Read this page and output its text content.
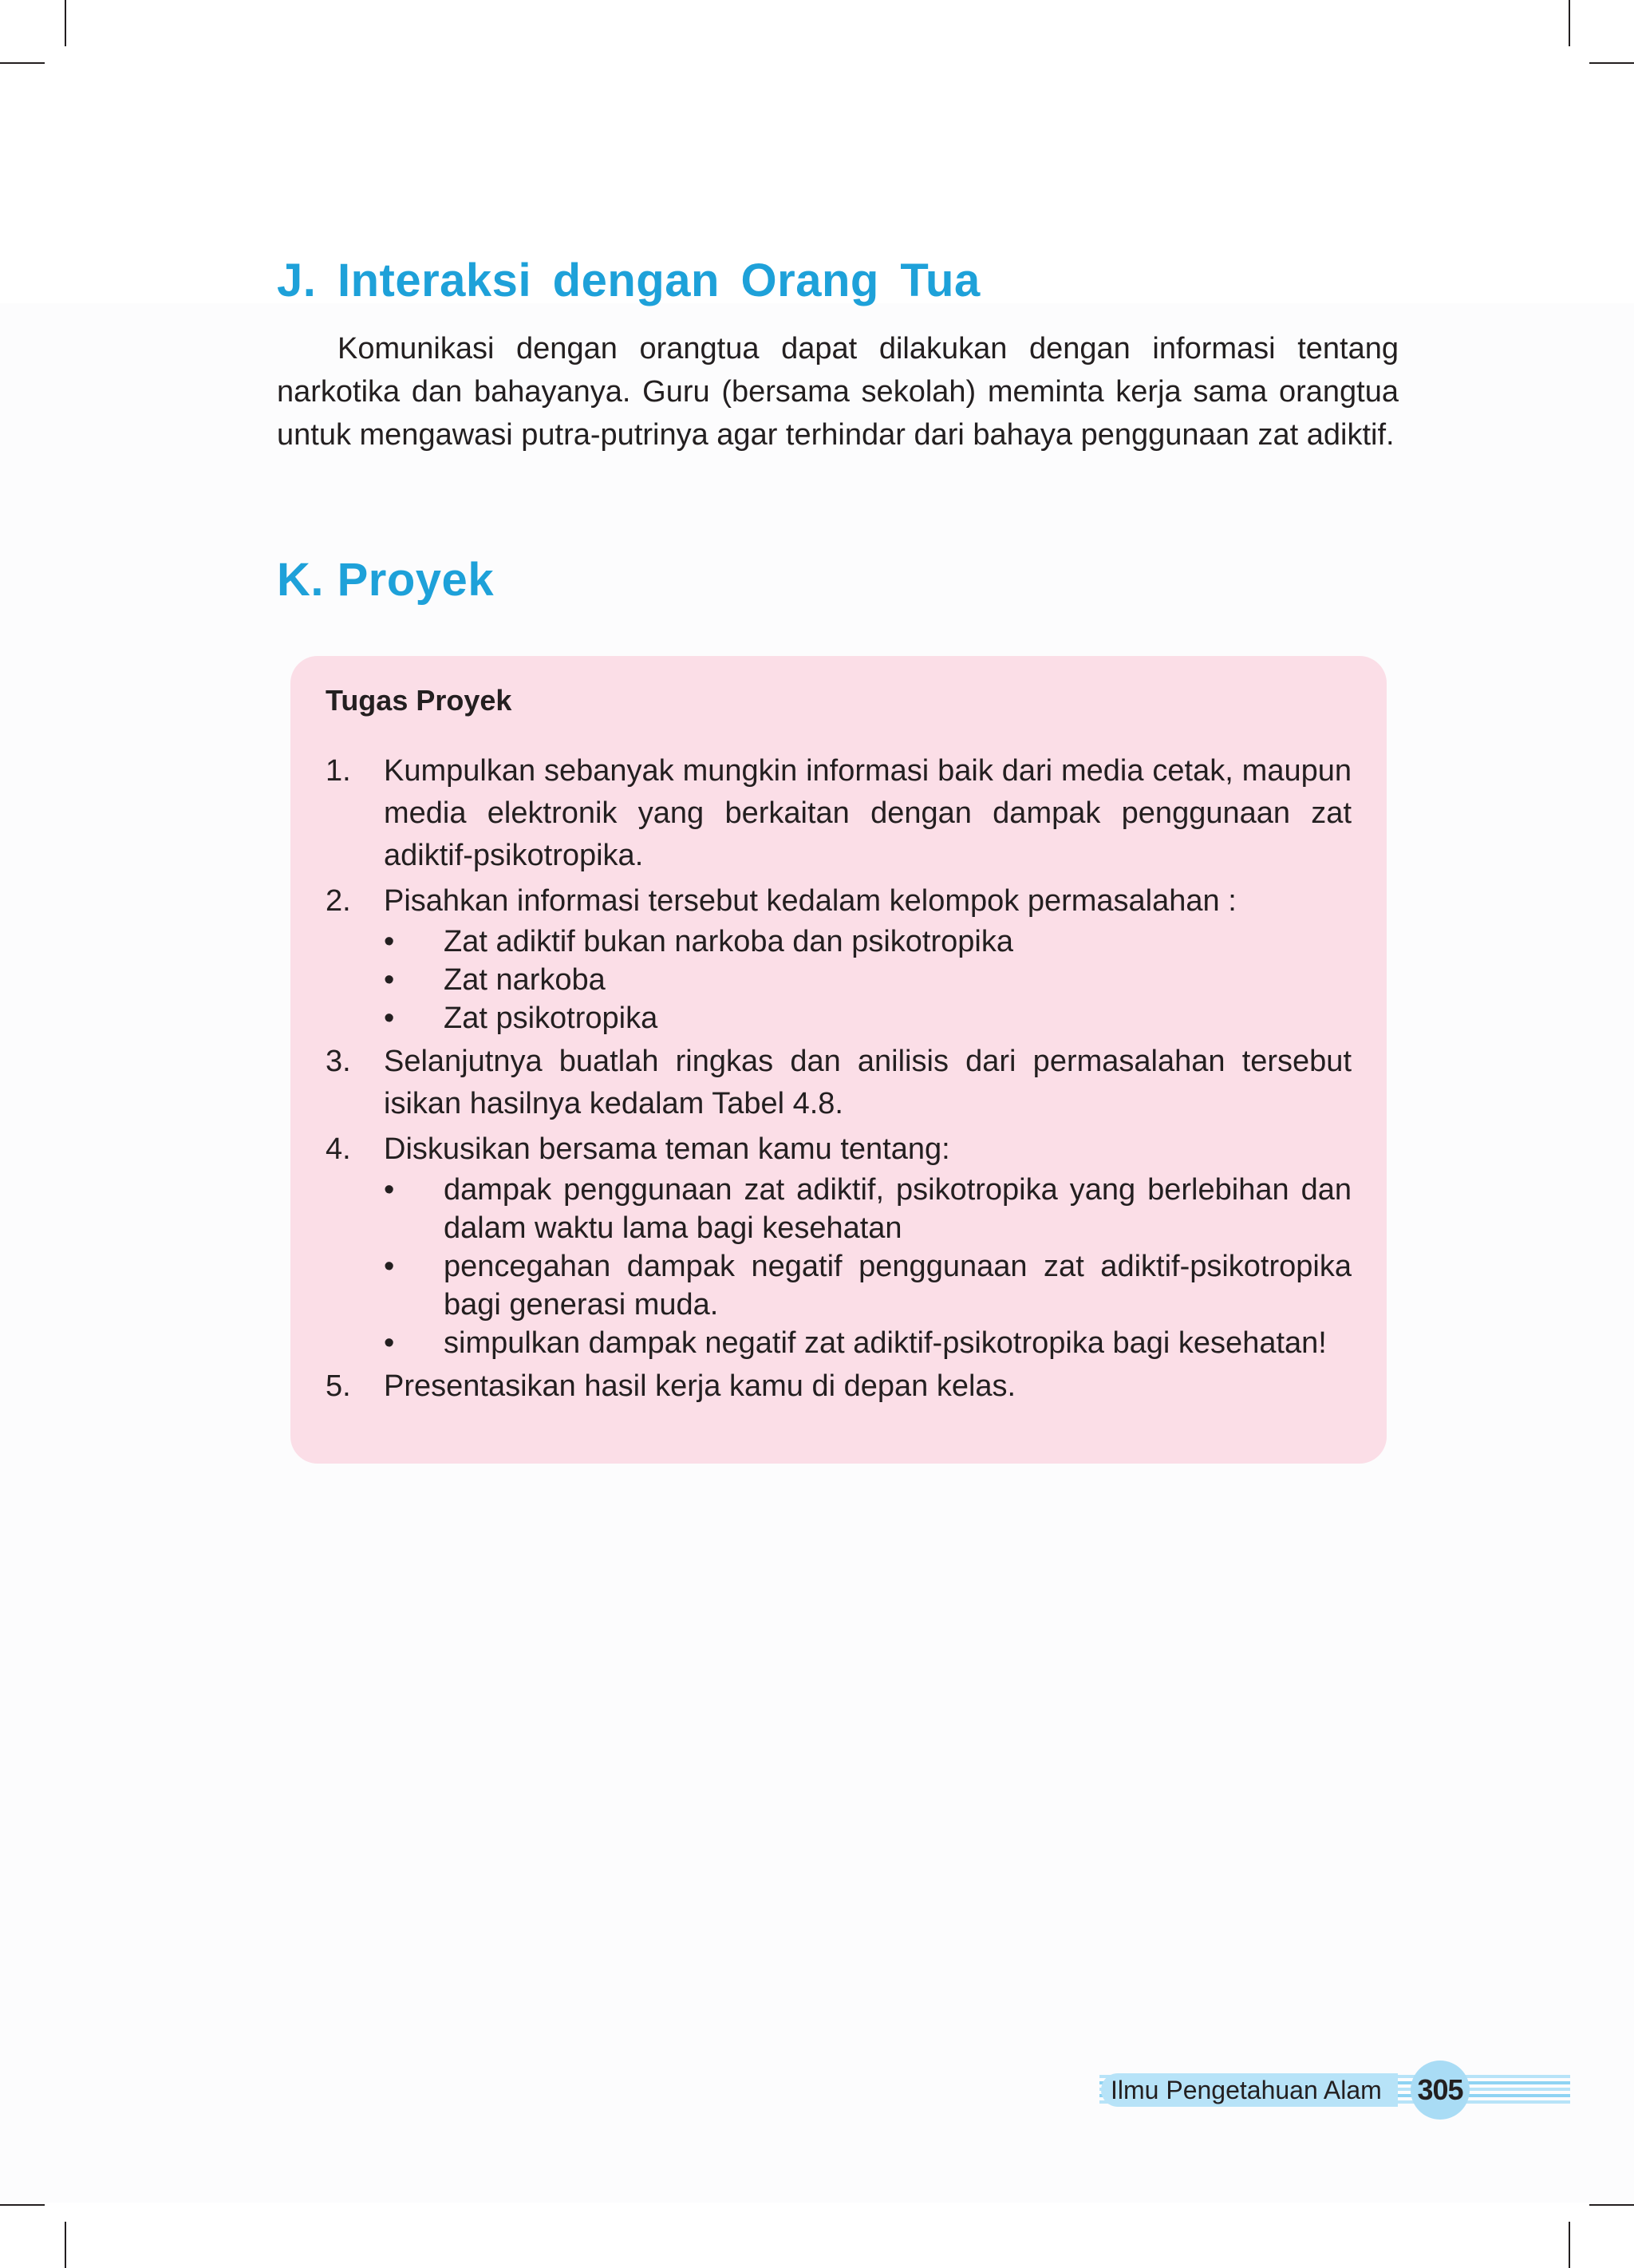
J. Interaksi dengan Orang Tua

Komunikasi dengan orangtua dapat dilakukan dengan informasi tentang narkotika dan bahayanya. Guru (bersama sekolah) meminta kerja sama orangtua untuk mengawasi putra-putrinya agar terhindar dari bahaya penggunaan zat adiktif.

K. Proyek

Tugas Proyek

1. Kumpulkan sebanyak mungkin informasi baik dari media cetak, maupun media elektronik yang berkaitan dengan dampak penggunaan zat adiktif-psikotropika.
2. Pisahkan informasi tersebut kedalam kelompok permasalahan :
• Zat adiktif bukan narkoba dan psikotropika
• Zat narkoba
• Zat psikotropika
3. Selanjutnya buatlah ringkas dan anilisis dari permasalahan tersebut isikan hasilnya kedalam Tabel 4.8.
4. Diskusikan bersama teman kamu tentang:
• dampak penggunaan zat adiktif, psikotropika yang berlebihan dan dalam waktu lama bagi kesehatan
• pencegahan dampak negatif penggunaan zat adiktif-psikotropika bagi generasi muda.
• simpulkan dampak negatif zat adiktif-psikotropika bagi kesehatan!
5. Presentasikan hasil kerja kamu di depan kelas.
Ilmu Pengetahuan Alam	305
